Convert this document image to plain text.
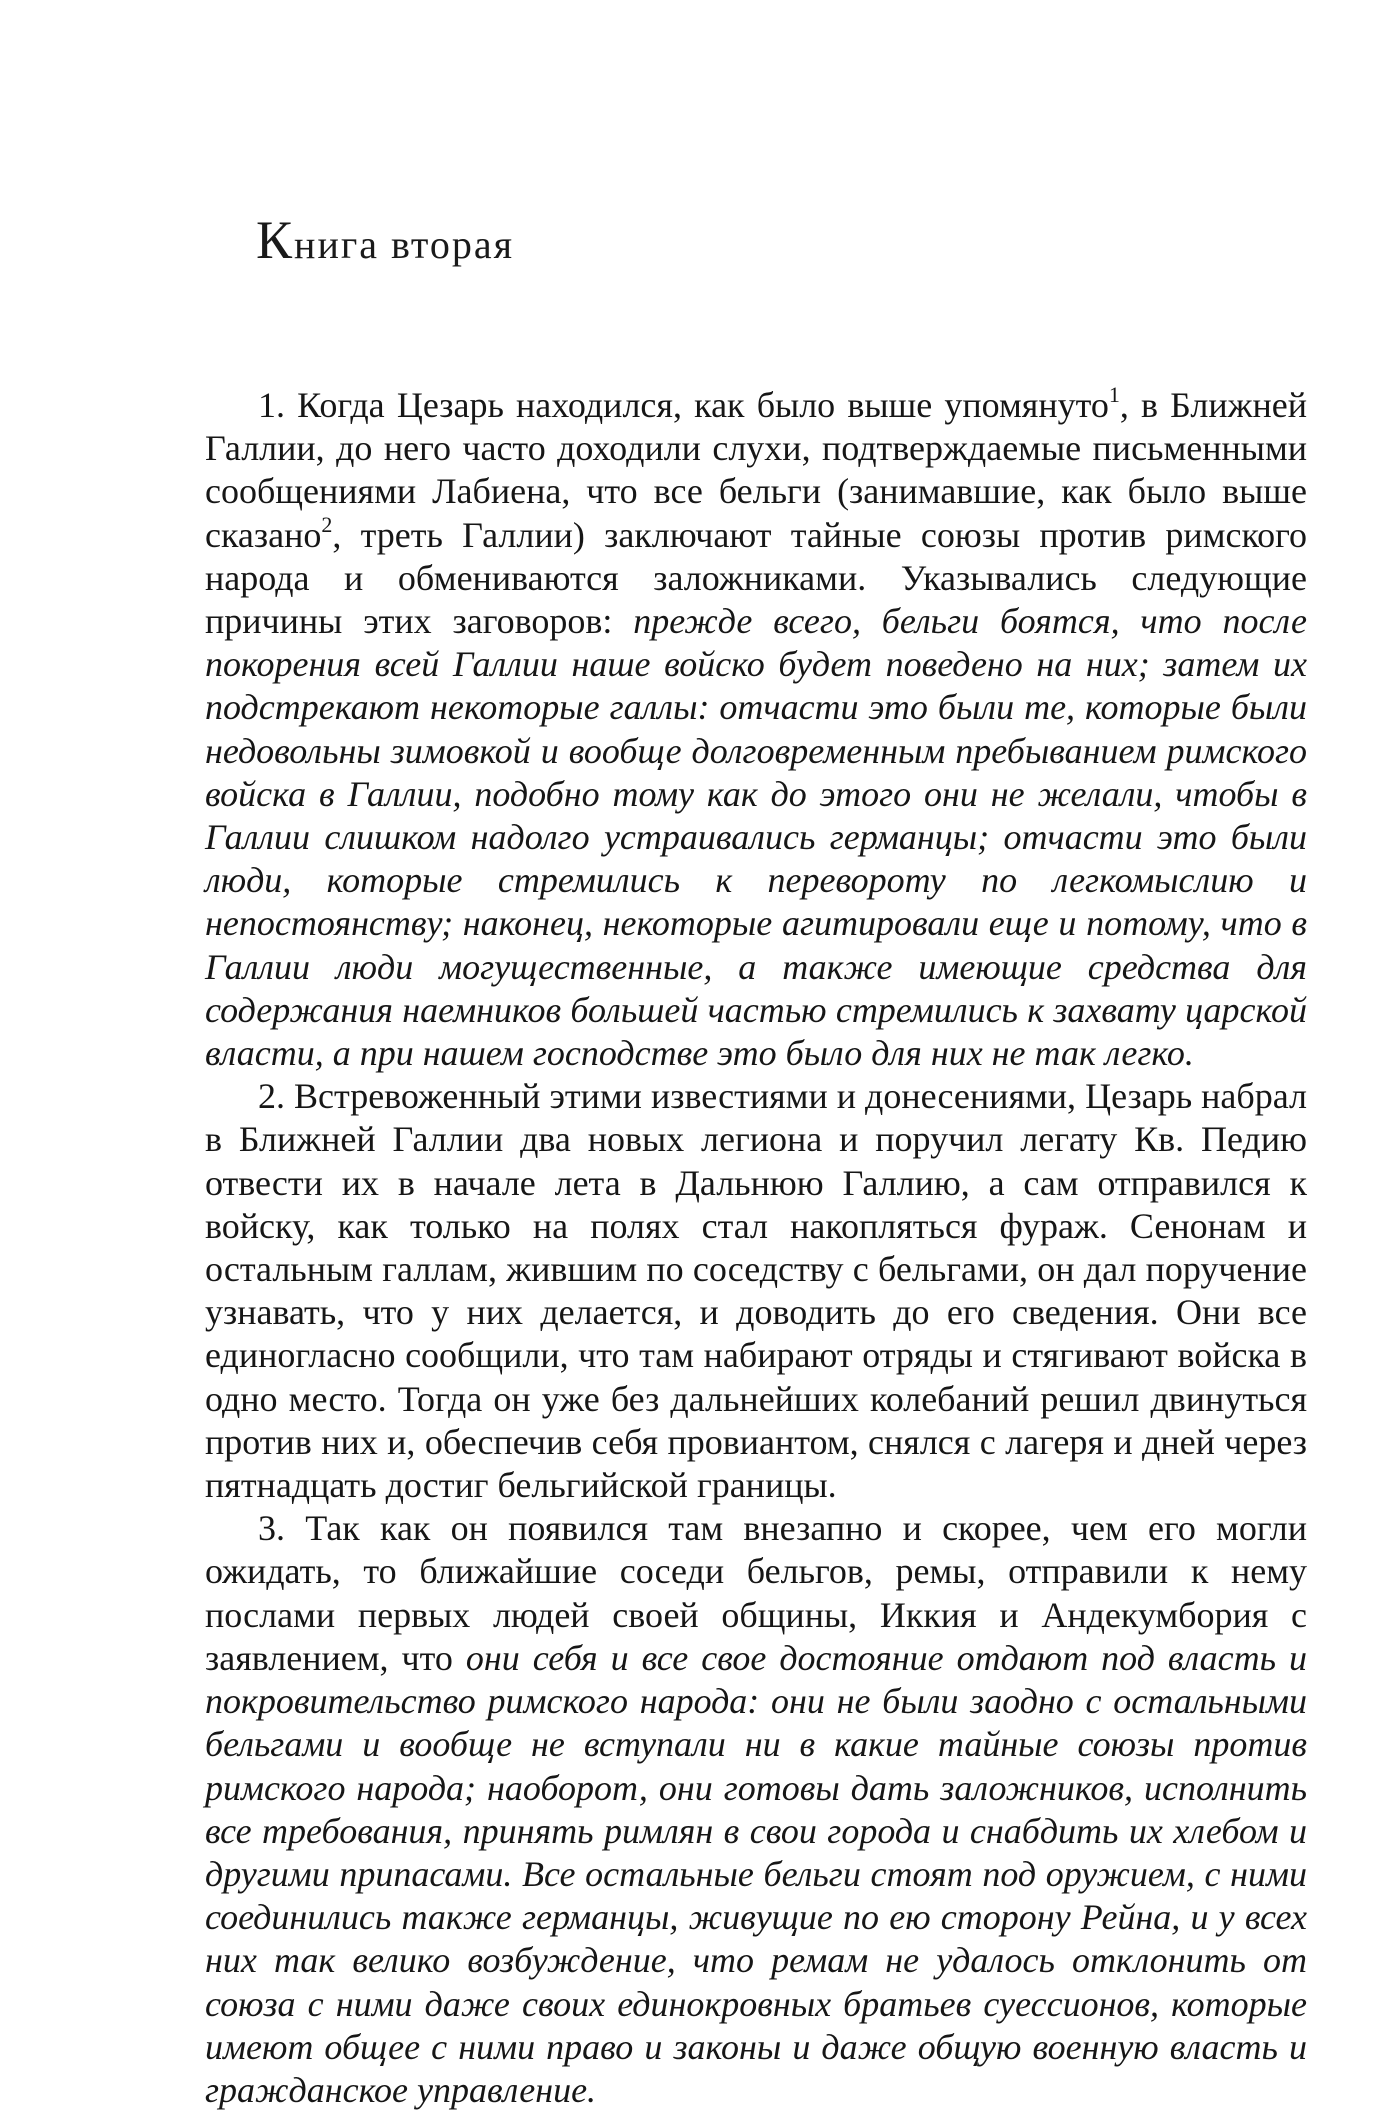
Книга вторая

1. Когда Цезарь находился, как было выше упомянуто$^1$, в Ближней Галлии, до него часто доходили слухи, подтверждаемые письменными сообщениями Лабиена, что все бельги (занимавшие, как было выше сказано$^2$, треть Галлии) заключают тайные союзы против римского народа и обмениваются заложниками. Указывались следующие причины этих заговоров: прежде всего, бельги боятся, что после покорения всей Галлии наше войско будет поведено на них; затем их подстрекают некоторые галлы: отчасти это были те, которые были недовольны зимовкой и вообще долговременным пребыванием римского войска в Галлии, подобно тому как до этого они не желали, чтобы в Галлии слишком надолго устраивались германцы; отчасти это были люди, которые стремились к перевороту по легкомыслию и непостоянству; наконец, некоторые агитировали еще и потому, что в Галлии люди могущественные, а также имеющие средства для содержания наемников большей частью стремились к захвату царской власти, а при нашем господстве это было для них не так легко.

2. Встревоженный этими известиями и донесениями, Цезарь набрал в Ближней Галлии два новых легиона и поручил легату Кв. Педию отвести их в начале лета в Дальнюю Галлию, а сам отправился к войску, как только на полях стал накопляться фураж. Сенонам и остальным галлам, жившим по соседству с бельгами, он дал поручение узнавать, что у них делается, и доводить до его сведения. Они все единогласно сообщили, что там набирают отряды и стягивают войска в одно место. Тогда он уже без дальнейших колебаний решил двинуться против них и, обеспечив себя провиантом, снялся с лагеря и дней через пятнадцать достиг бельгийской границы.

3. Так как он появился там внезапно и скорее, чем его могли ожидать, то ближайшие соседи бельгов, ремы, отправили к нему послами первых людей своей общины, Иккия и Андекумбория с заявлением, что они себя и все свое достояние отдают под власть и покровительство римского народа: они не были заодно с остальными бельгами и вообще не вступали ни в какие тайные союзы против римского народа; наоборот, они готовы дать заложников, исполнить все требования, принять римлян в свои города и снабдить их хлебом и другими припасами. Все остальные бельги стоят под оружием, с ними соединились также германцы, живущие по ею сторону Рейна, и у всех них так велико возбуждение, что ремам не удалось отклонить от союза с ними даже своих единокровных братьев суессионов, которые имеют общее с ними право и законы и даже общую военную власть и гражданское управление.
